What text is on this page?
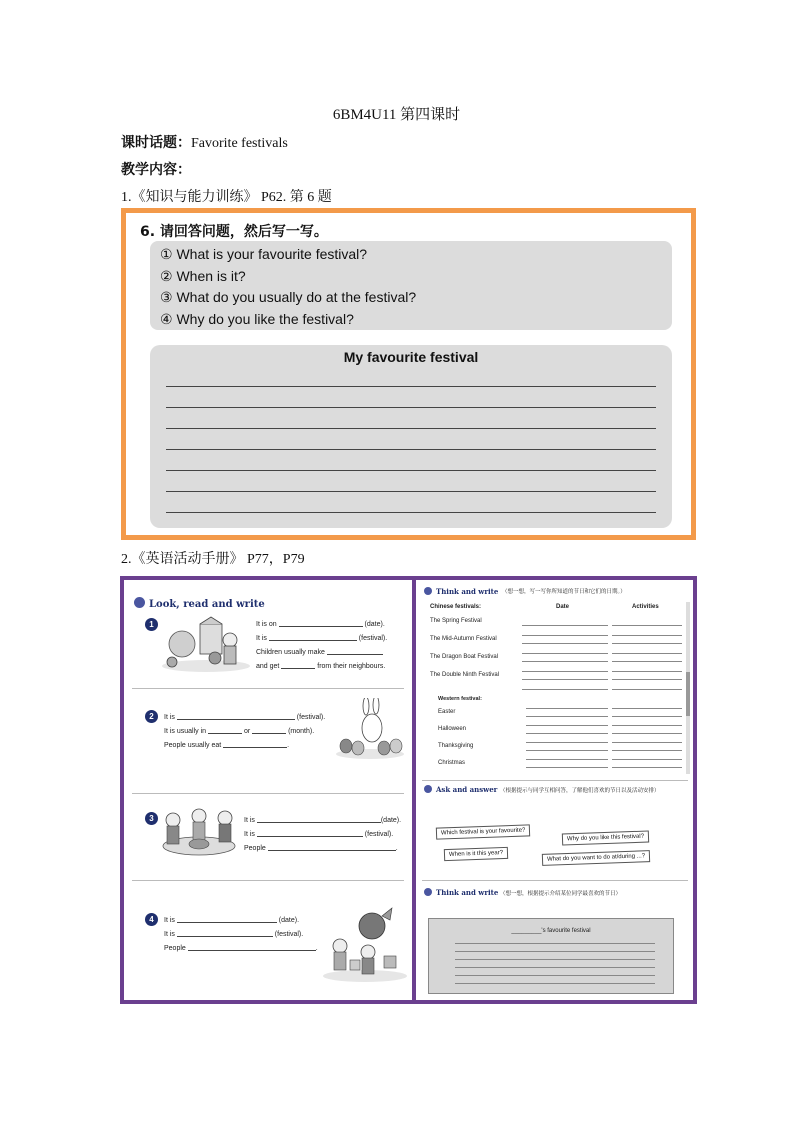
6BM4U11 第四课时
课时话题：Favorite festivals
教学内容：
1.《知识与能力训练》 P62. 第 6 题
6. 请回答问题，然后写一写。
① What is your favourite festival?
② When is it?
③ What do you usually do at the festival?
④ Why do you like the festival?
My favourite festival
2.《英语活动手册》 P77，P79
Look, read and write
1	It is on	(date).
It is	(festival).
Children usually make
and get	from their neighbours.
2	It is	(festival).
It is usually in	or	(month).
People usually eat	.
3	It is	(date).
It is	(festival).
People	.
4	It is	(date).
It is	(festival).
People	.
Think and write （想一想，写一写你所知道的节日和它们的日期。）
Chinese festivals:	Date	Activities
The Spring Festival
The Mid-Autumn Festival
The Dragon Boat Festival
The Double Ninth Festival
Western festival:
Easter
Halloween
Thanksgiving
Christmas
Ask and answer （根据提示与同学互相问答，了解他们喜欢的节日以及活动安排）
Which festival is your favourite?
Why do you like this festival?
When is it this year?	What do you want to do at/during ...?
Think and write （想一想，根据提示介绍某位同学最喜欢的节日）
_________'s favourite festival
